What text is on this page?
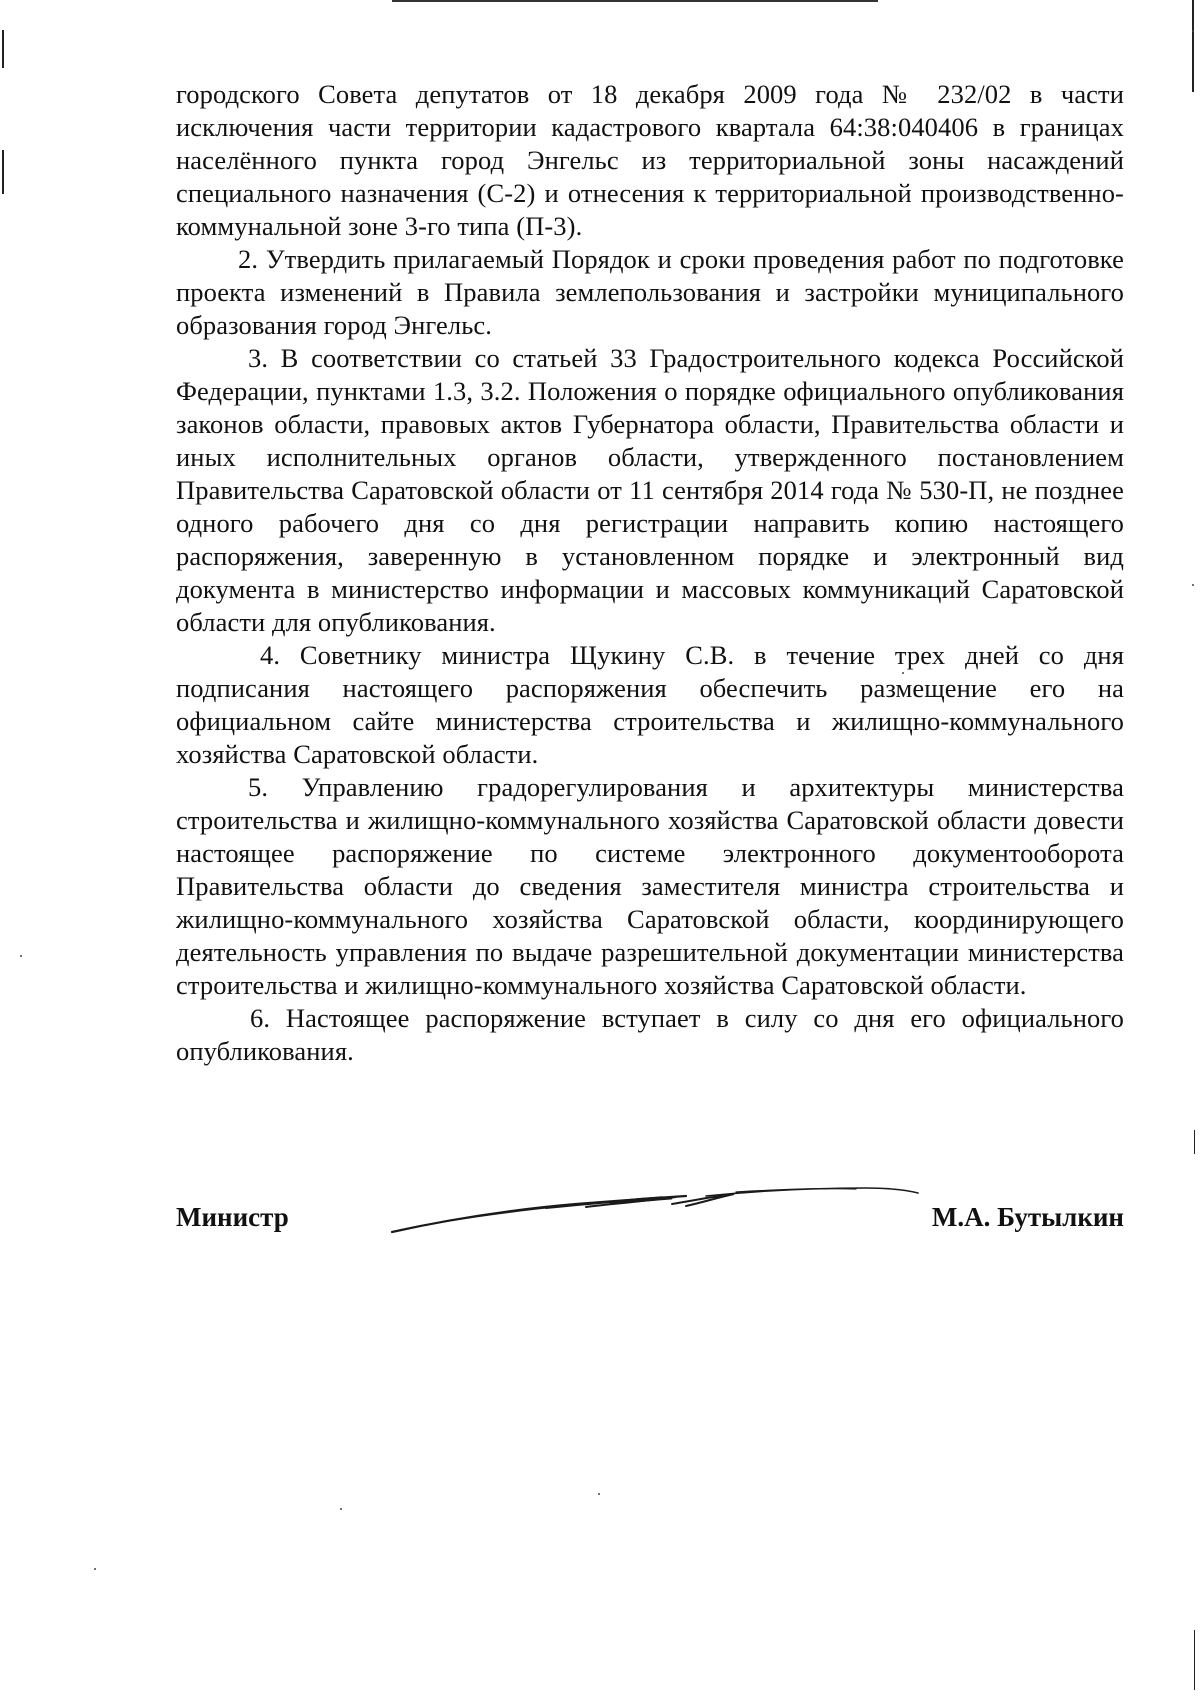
городского Совета депутатов от 18 декабря 2009 года № 232/02 в части исключения части территории кадастрового квартала 64:38:040406 в границах населённого пункта город Энгельс из территориальной зоны насаждений специального назначения (С-2) и отнесения к территориальной производственно-коммунальной зоне 3-го типа (П-3).

2. Утвердить прилагаемый Порядок и сроки проведения работ по подготовке проекта изменений в Правила землепользования и застройки муниципального образования город Энгельс.

3. В соответствии со статьей 33 Градостроительного кодекса Российской Федерации, пунктами 1.3, 3.2. Положения о порядке официального опубликования законов области, правовых актов Губернатора области, Правительства области и иных исполнительных органов области, утвержденного постановлением Правительства Саратовской области от 11 сентября 2014 года № 530-П, не позднее одного рабочего дня со дня регистрации направить копию настоящего распоряжения, заверенную в установленном порядке и электронный вид документа в министерство информации и массовых коммуникаций Саратовской области для опубликования.

4. Советнику министра Щукину С.В. в течение трех дней со дня подписания настоящего распоряжения обеспечить размещение его на официальном сайте министерства строительства и жилищно-коммунального хозяйства Саратовской области.

5. Управлению градорегулирования и архитектуры министерства строительства и жилищно-коммунального хозяйства Саратовской области довести настоящее распоряжение по системе электронного документооборота Правительства области до сведения заместителя министра строительства и жилищно-коммунального хозяйства Саратовской области, координирующего деятельность управления по выдаче разрешительной документации министерства строительства и жилищно-коммунального хозяйства Саратовской области.

6. Настоящее распоряжение вступает в силу со дня его официального опубликования.

Министр	М.А. Бутылкин
